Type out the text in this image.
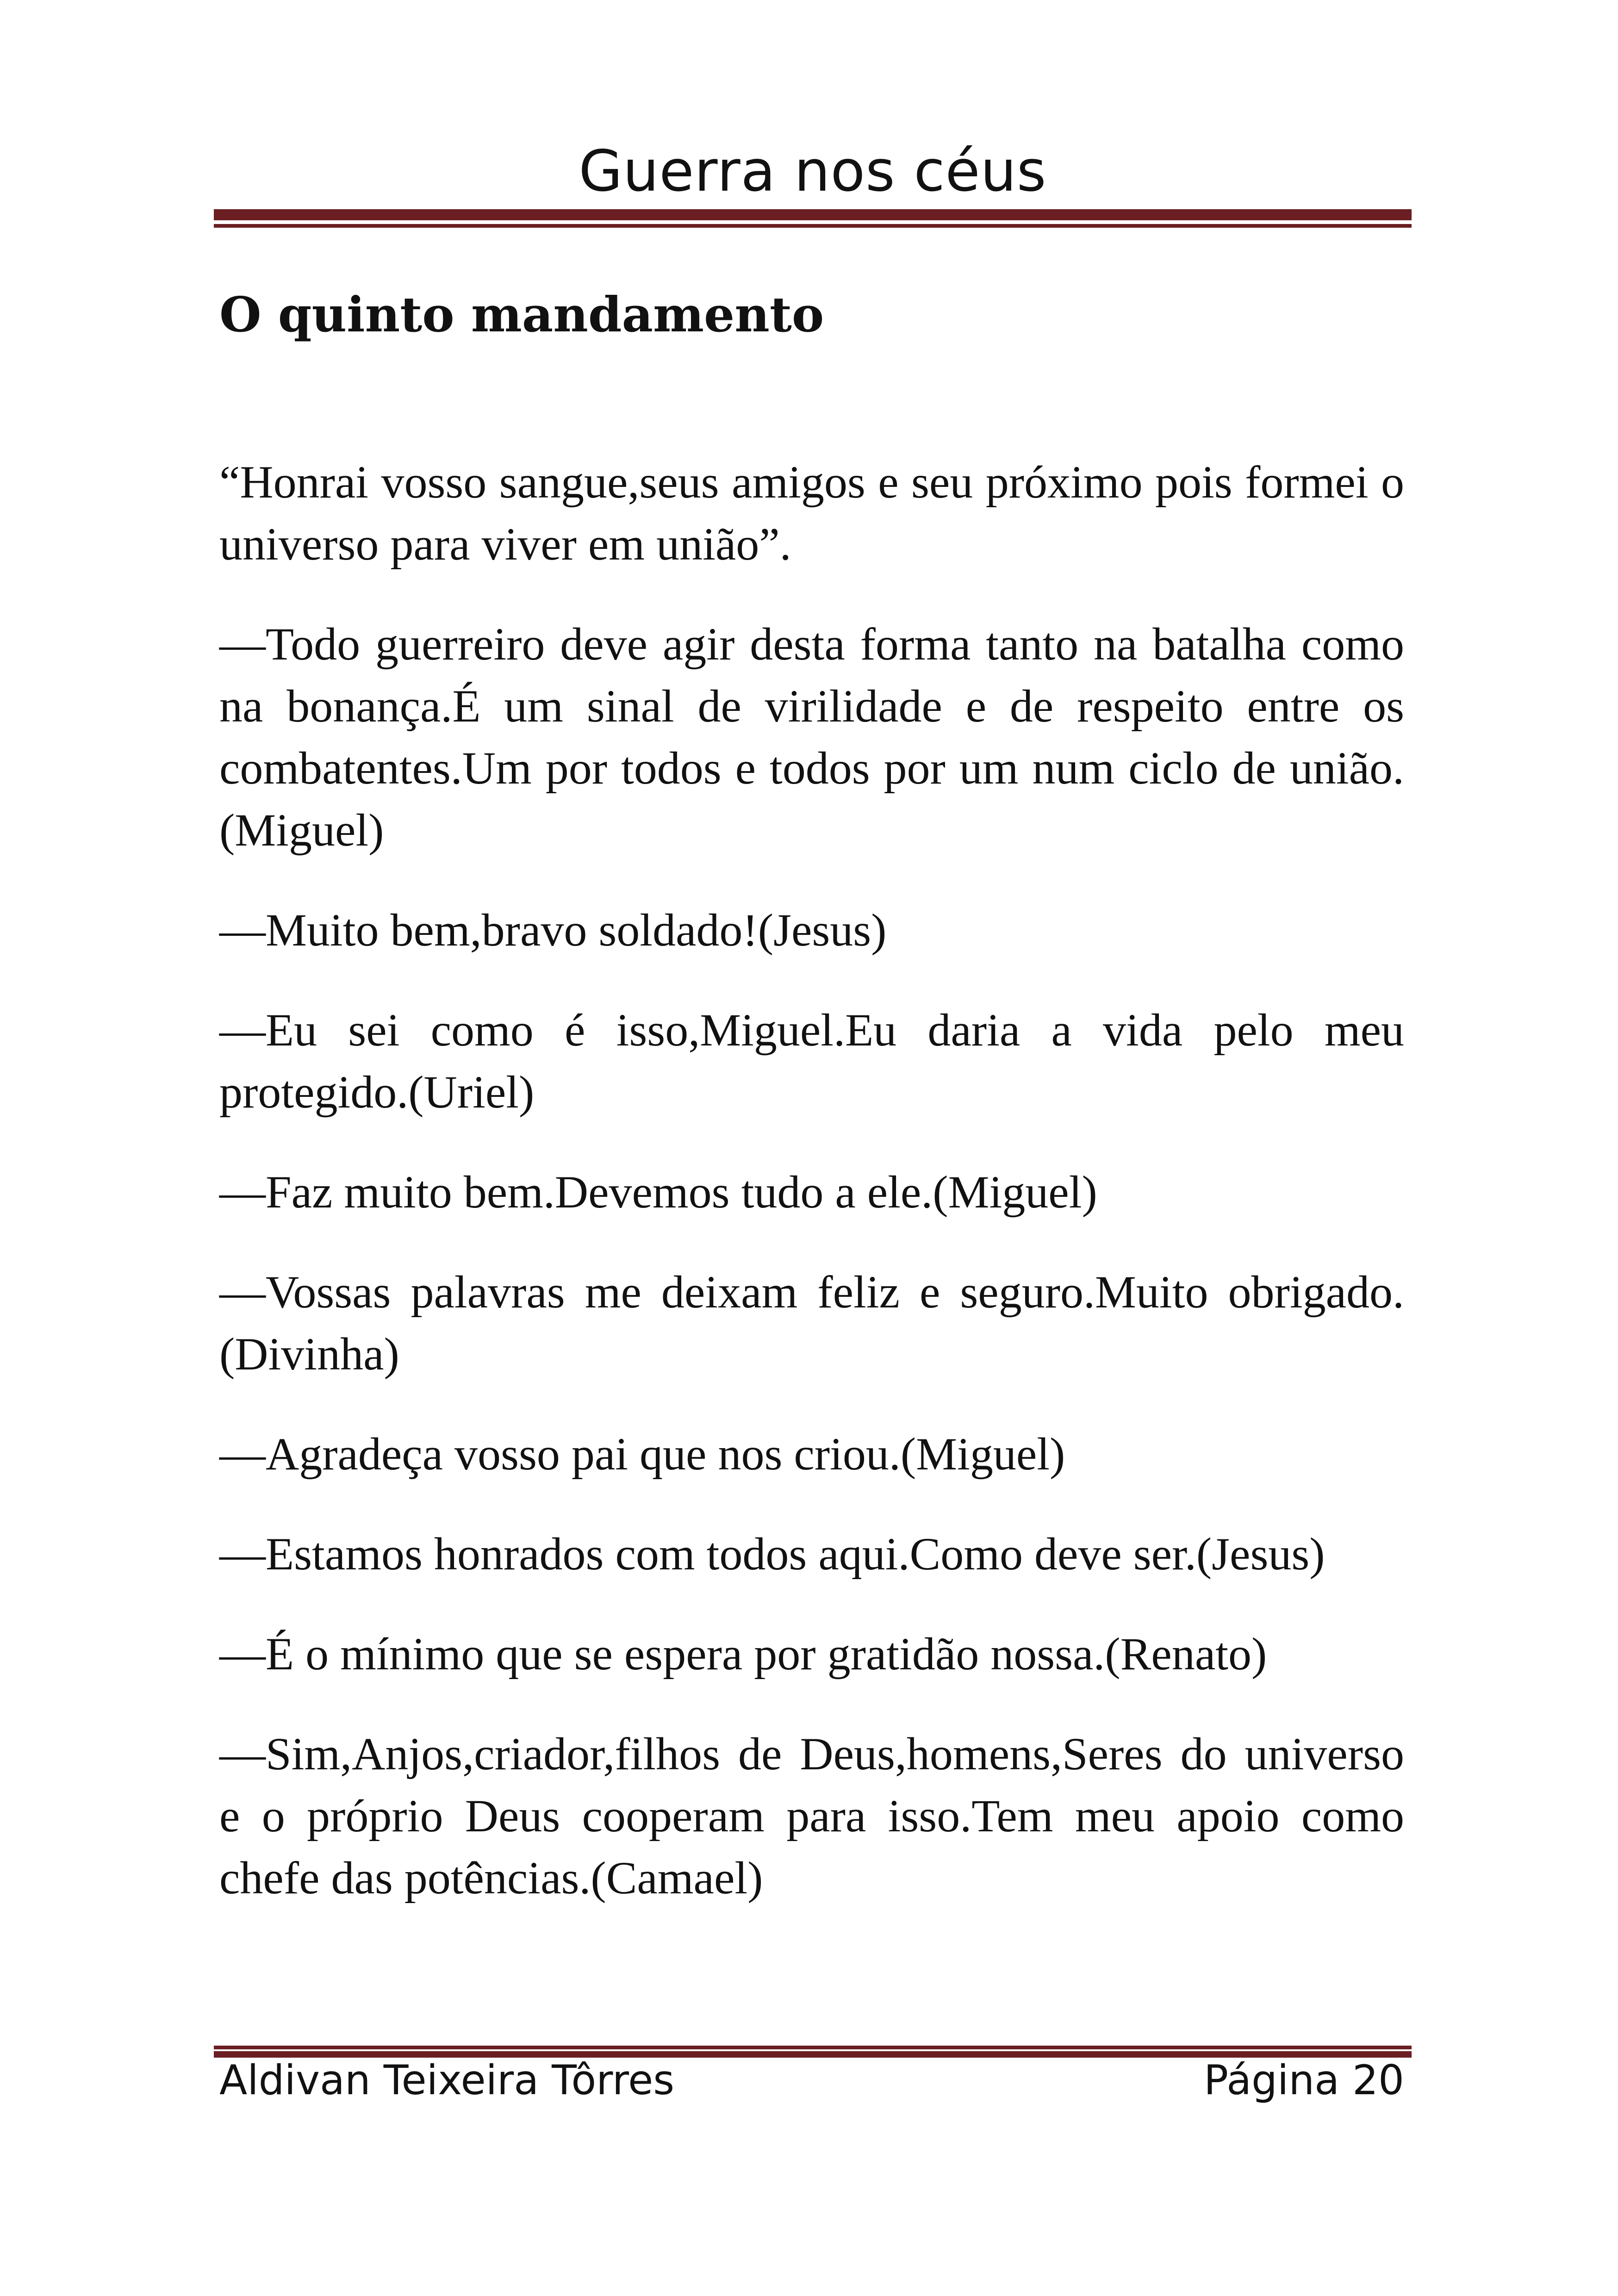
Guerra nos céus
O quinto mandamento

“Honrai vosso sangue,seus amigos e seu próximo pois formei o universo para viver em união”.

—Todo guerreiro deve agir desta forma tanto na batalha como na bonança.É um sinal de virilidade e de respeito entre os combatentes.Um por todos e todos por um num ciclo de união.(Miguel)

—Muito bem,bravo soldado!(Jesus)

—Eu sei como é isso,Miguel.Eu daria a vida pelo meu protegido.(Uriel)

—Faz muito bem.Devemos tudo a ele.(Miguel)

—Vossas palavras me deixam feliz e seguro.Muito obrigado.(Divinha)

—Agradeça vosso pai que nos criou.(Miguel)

—Estamos honrados com todos aqui.Como deve ser.(Jesus)

—É o mínimo que se espera por gratidão nossa.(Renato)

—Sim,Anjos,criador,filhos de Deus,homens,Seres do universo e o próprio Deus cooperam para isso.Tem meu apoio como chefe das potências.(Camael)

Aldivan Teixeira Tôrres	Página 20
